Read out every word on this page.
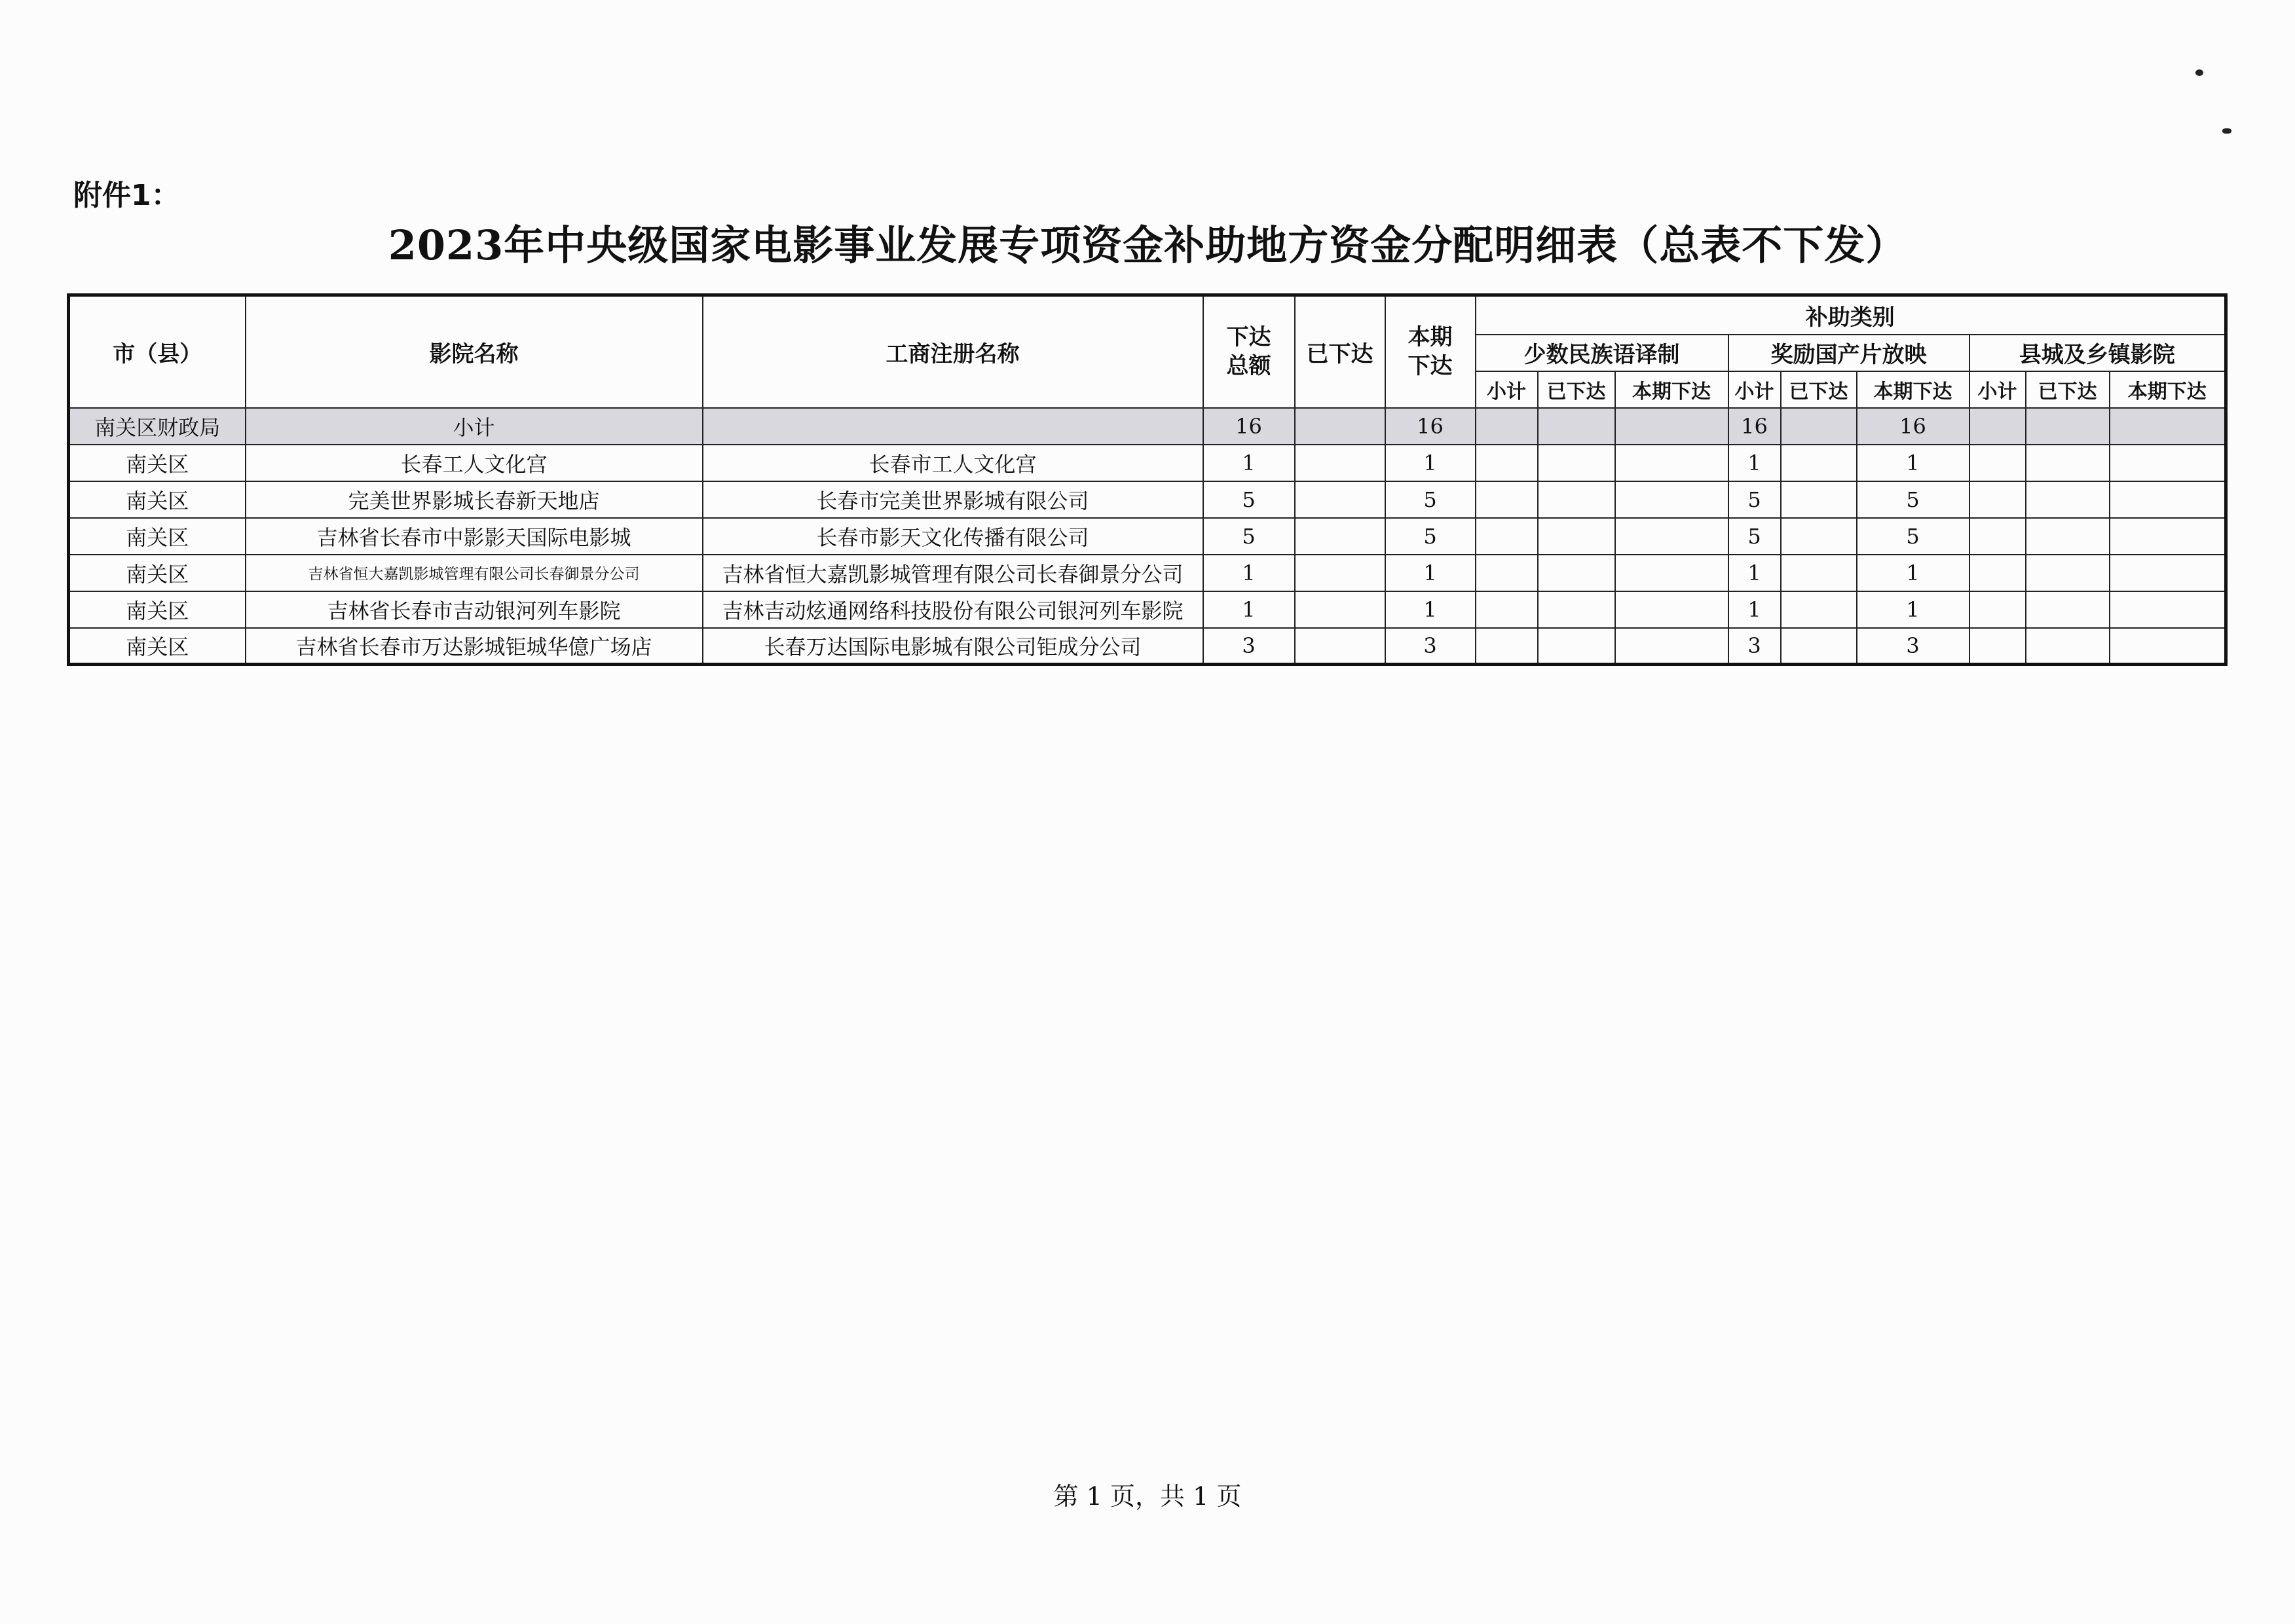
附件1：
2023年中央级国家电影事业发展专项资金补助地方资金分配明细表（总表不下发）
市（县）	影院名称	工商注册名称	下达总额	已下达	本期下达	补助类别								
						少数民族语译制			奖励国产片放映			县城及乡镇影院		
						小计	已下达	本期下达	小计	已下达	本期下达	小计	已下达	本期下达
南关区财政局	小计		16		16				16		16			
南关区	长春工人文化宫	长春市工人文化宫	1		1				1		1			
南关区	完美世界影城长春新天地店	长春市完美世界影城有限公司	5		5				5		5			
南关区	吉林省长春市中影影天国际电影城	长春市影天文化传播有限公司	5		5				5		5			
南关区	吉林省恒大嘉凯影城管理有限公司长春御景分公司	吉林省恒大嘉凯影城管理有限公司长春御景分公司	1		1				1		1			
南关区	吉林省长春市吉动银河列车影院	吉林吉动炫通网络科技股份有限公司银河列车影院	1		1				1		1			
南关区	吉林省长春市万达影城钜城华億广场店	长春万达国际电影城有限公司钜成分公司	3		3				3		3			
第 1 页，共 1 页
